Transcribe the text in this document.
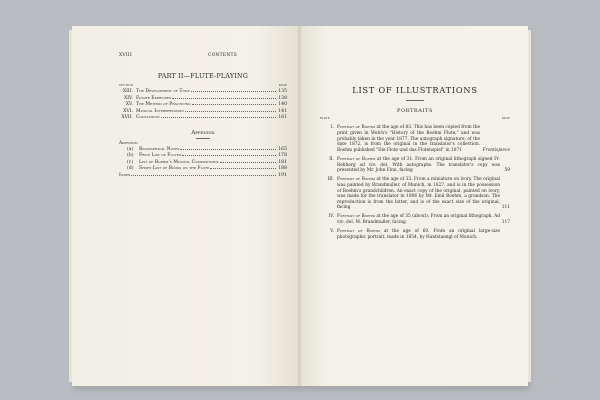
XVIII	CONTENTS
PART II—FLUTE-PLAYING
SECTION	PAGE
XIII. The Development of Tone	135
XIV. Finger Exercises	138
XV. The Method of Practicing	140
XVI. Musical Interpretation	141
XVII. Conclusion	161
Appendix
Appendix:
(a)	Biographical Notes	165
(b)	Price List of Flutes	178
(c)	List of Boehm's Musical Compositions	181
(d)	Short List of Books on the Flute	188
Index	191
LIST OF ILLUSTRATIONS
PORTRAITS
PLATE	PAGE
I. Portrait of Boehm at the age of 83. This has been copied from the print given in Welch's "History of the Boehm Flute," and was probably taken in the year 1877. The autograph signature, of the date 1872, is from the original in the translator's collection. Boehm published "Die Flote und das Flotenspiel" in 1871	Frontispiece
II. Portrait of Boehm at the age of 31. From an original lithograph signed Fr. Rehberg ad viv: del. With autographs. The translator's copy was presented by Mr. John Finn, facing	59
III. Portrait of Boehm at the age of 33. From a miniature on ivory. The original was painted by Brandmuller, of Munich, in 1827, and is in the possession of Boehm's grandchildren. An exact copy of the original, painted on ivory, was made for the translator in 1906 by Mr. Emil Boehm, a grandson. The reproduction is from the latter, and is of the exact size of the original, facing	111
IV. Portrait of Boehm at the age of 35 (about). From an original lithograph, Ad viv: del. M. Brandmuller, facing	117
V. Portrait of Boehm at the age of 60. From an original large-size photographic portrait, made in 1854, by Hanfstaengl of Munich.
